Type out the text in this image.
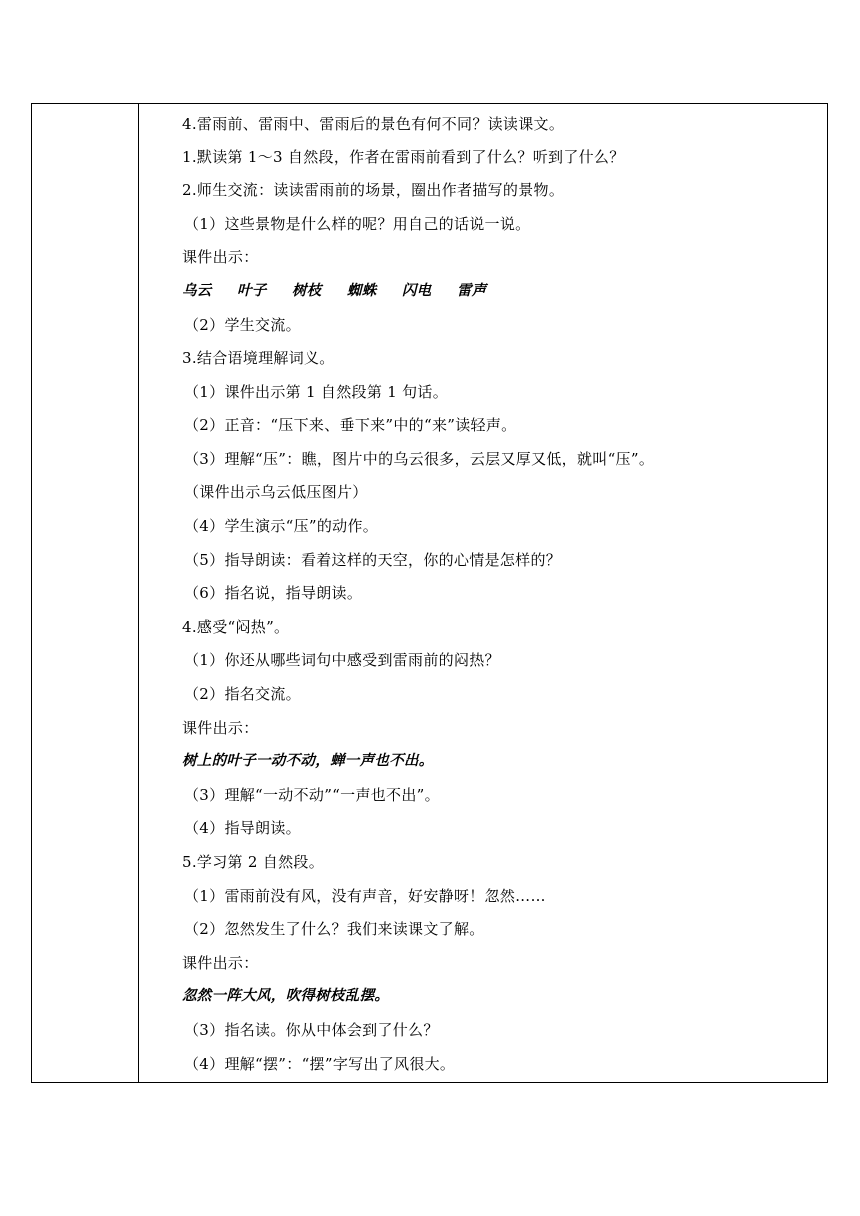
4.雷雨前、雷雨中、雷雨后的景色有何不同？读读课文。
1.默读第 1～3 自然段，作者在雷雨前看到了什么？听到了什么？
2.师生交流：读读雷雨前的场景，圈出作者描写的景物。
（1）这些景物是什么样的呢？用自己的话说一说。
课件出示：
乌云 叶子 树枝 蜘蛛 闪电 雷声
（2）学生交流。
3.结合语境理解词义。
（1）课件出示第 1 自然段第 1 句话。
（2）正音：“压下来、垂下来”中的“来”读轻声。
（3）理解“压”：瞧，图片中的乌云很多，云层又厚又低，就叫“压”。
（课件出示乌云低压图片）
（4）学生演示“压”的动作。
（5）指导朗读：看着这样的天空，你的心情是怎样的？
（6）指名说，指导朗读。
4.感受“闷热”。
（1）你还从哪些词句中感受到雷雨前的闷热？
（2）指名交流。
课件出示：
树上的叶子一动不动，蝉一声也不出。
（3）理解“一动不动”“一声也不出”。
（4）指导朗读。
5.学习第 2 自然段。
（1）雷雨前没有风，没有声音，好安静呀！忽然……
（2）忽然发生了什么？我们来读课文了解。
课件出示：
忽然一阵大风，吹得树枝乱摆。
（3）指名读。你从中体会到了什么？
（4）理解“摆”：“摆”字写出了风很大。
